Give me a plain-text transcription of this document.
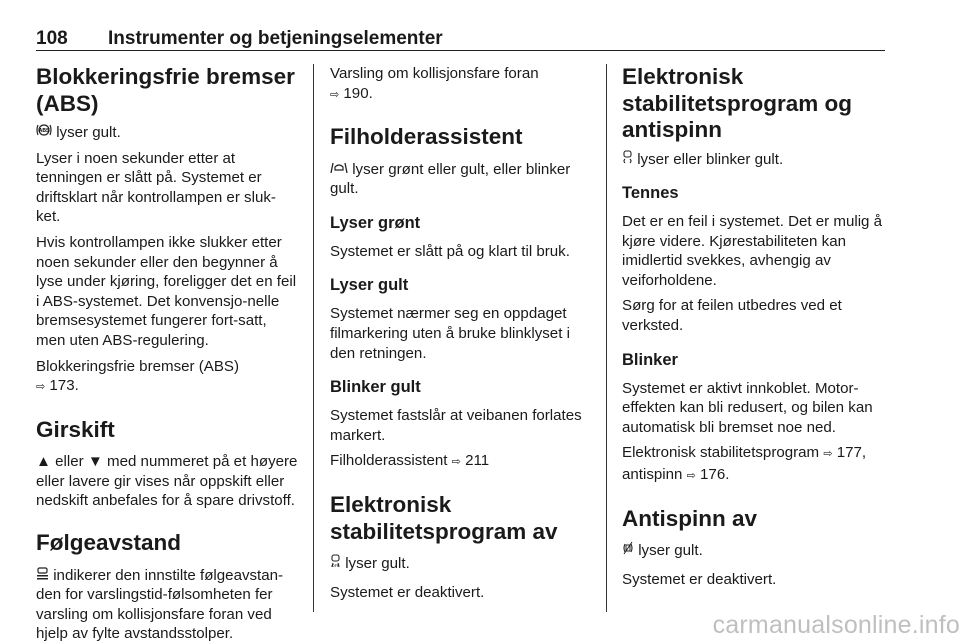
108 Instrumenter og betjeningselementer
Blokkeringsfrie bremser
(ABS)

ABS lyser gult.

Lyser i noen sekunder etter at tenningen er slått på. Systemet er driftsklart når kontrollampen er sluk-ket.

Hvis kontrollampen ikke slukker etter noen sekunder eller den begynner å lyse under kjøring, foreligger det en feil i ABS-systemet. Det konvensjo-nelle bremsesystemet fungerer fort-satt, men uten ABS-regulering.

Blokkeringsfrie bremser (ABS)
⇨ 173.

Girskift

▲ eller ▼ med nummeret på et høyere eller lavere gir vises når oppskift eller nedskift anbefales for å spare drivstoff.

Følgeavstand

indikerer den innstilte følgeavstan-den for varslingstid-følsomheten fer varsling om kollisjonsfare foran ved hjelp av fylte avstandsstolper.

Varsling om kollisjonsfare foran
⇨ 190.

Filholderassistent

lyser grønt eller gult, eller blinker gult.

Lyser grønt

Systemet er slått på og klart til bruk.

Lyser gult

Systemet nærmer seg en oppdaget filmarkering uten å bruke blinklyset i den retningen.

Blinker gult

Systemet fastslår at veibanen forlates markert.

Filholderassistent ⇨ 211

Elektronisk
stabilitetsprogram av

OFF lyser gult.

Systemet er deaktivert.

Elektronisk
stabilitetsprogram og
antispinn

lyser eller blinker gult.

Tennes

Det er en feil i systemet. Det er mulig å kjøre videre. Kjørestabiliteten kan imidlertid svekkes, avhengig av veiforholdene.

Sørg for at feilen utbedres ved et verksted.

Blinker

Systemet er aktivt innkoblet. Motor-effekten kan bli redusert, og bilen kan automatisk bli bremset noe ned.

Elektronisk stabilitetsprogram ⇨ 177,
antispinn ⇨ 176.

Antispinn av

lyser gult.

Systemet er deaktivert.

carmanualsonline.info
